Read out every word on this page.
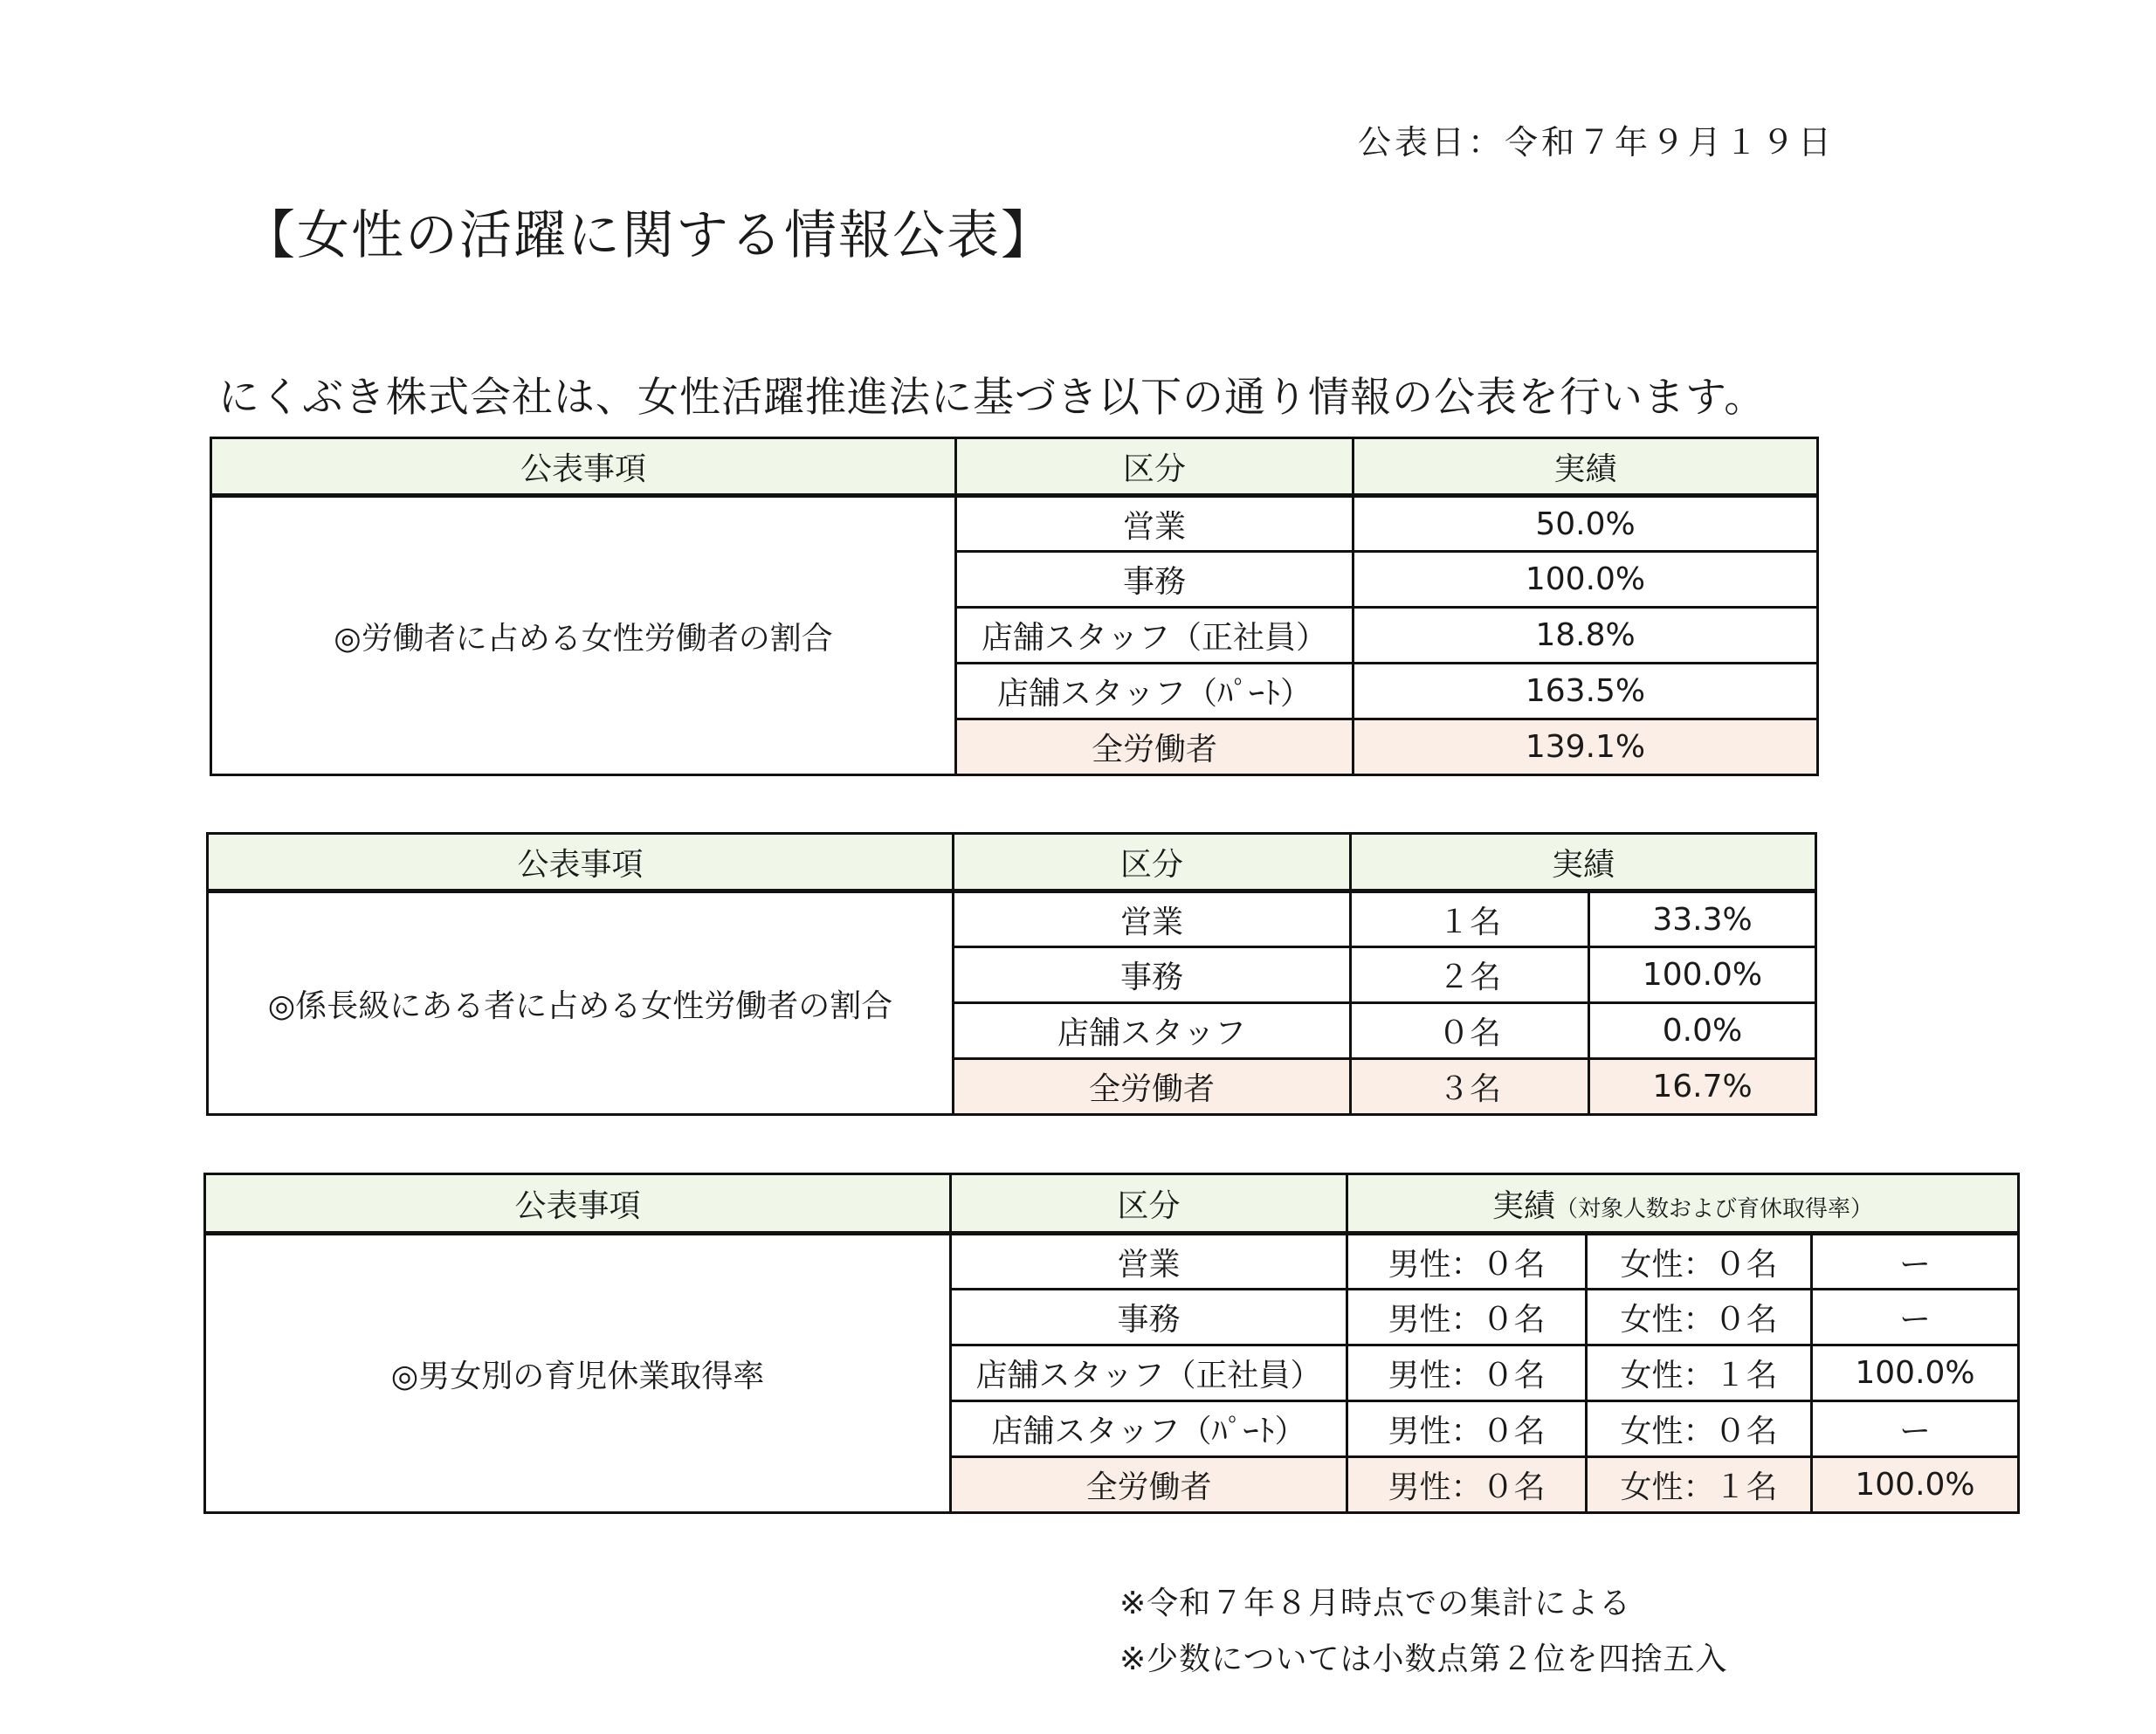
公表日：令和７年９月１９日
【女性の活躍に関する情報公表】
にくぶき株式会社は、女性活躍推進法に基づき以下の通り情報の公表を行います。
公表事項	区分	実績
◎労働者に占める女性労働者の割合	営業	50.0%
	事務	100.0%
	店舗スタッフ（正社員）	18.8%
	店舗スタッフ（ﾊﾟｰﾄ）	163.5%
	全労働者	139.1%
公表事項	区分	実績	
◎係長級にある者に占める女性労働者の割合	営業	１名	33.3%
	事務	２名	100.0%
	店舗スタッフ	０名	0.0%
	全労働者	３名	16.7%
公表事項	区分	実績（対象人数および育休取得率）		
◎男女別の育児休業取得率	営業	男性：０名	女性：０名	ー
	事務	男性：０名	女性：０名	ー
	店舗スタッフ（正社員）	男性：０名	女性：１名	100.0%
	店舗スタッフ（ﾊﾟｰﾄ）	男性：０名	女性：０名	ー
	全労働者	男性：０名	女性：１名	100.0%
※令和７年８月時点での集計による
※少数については小数点第２位を四捨五入
